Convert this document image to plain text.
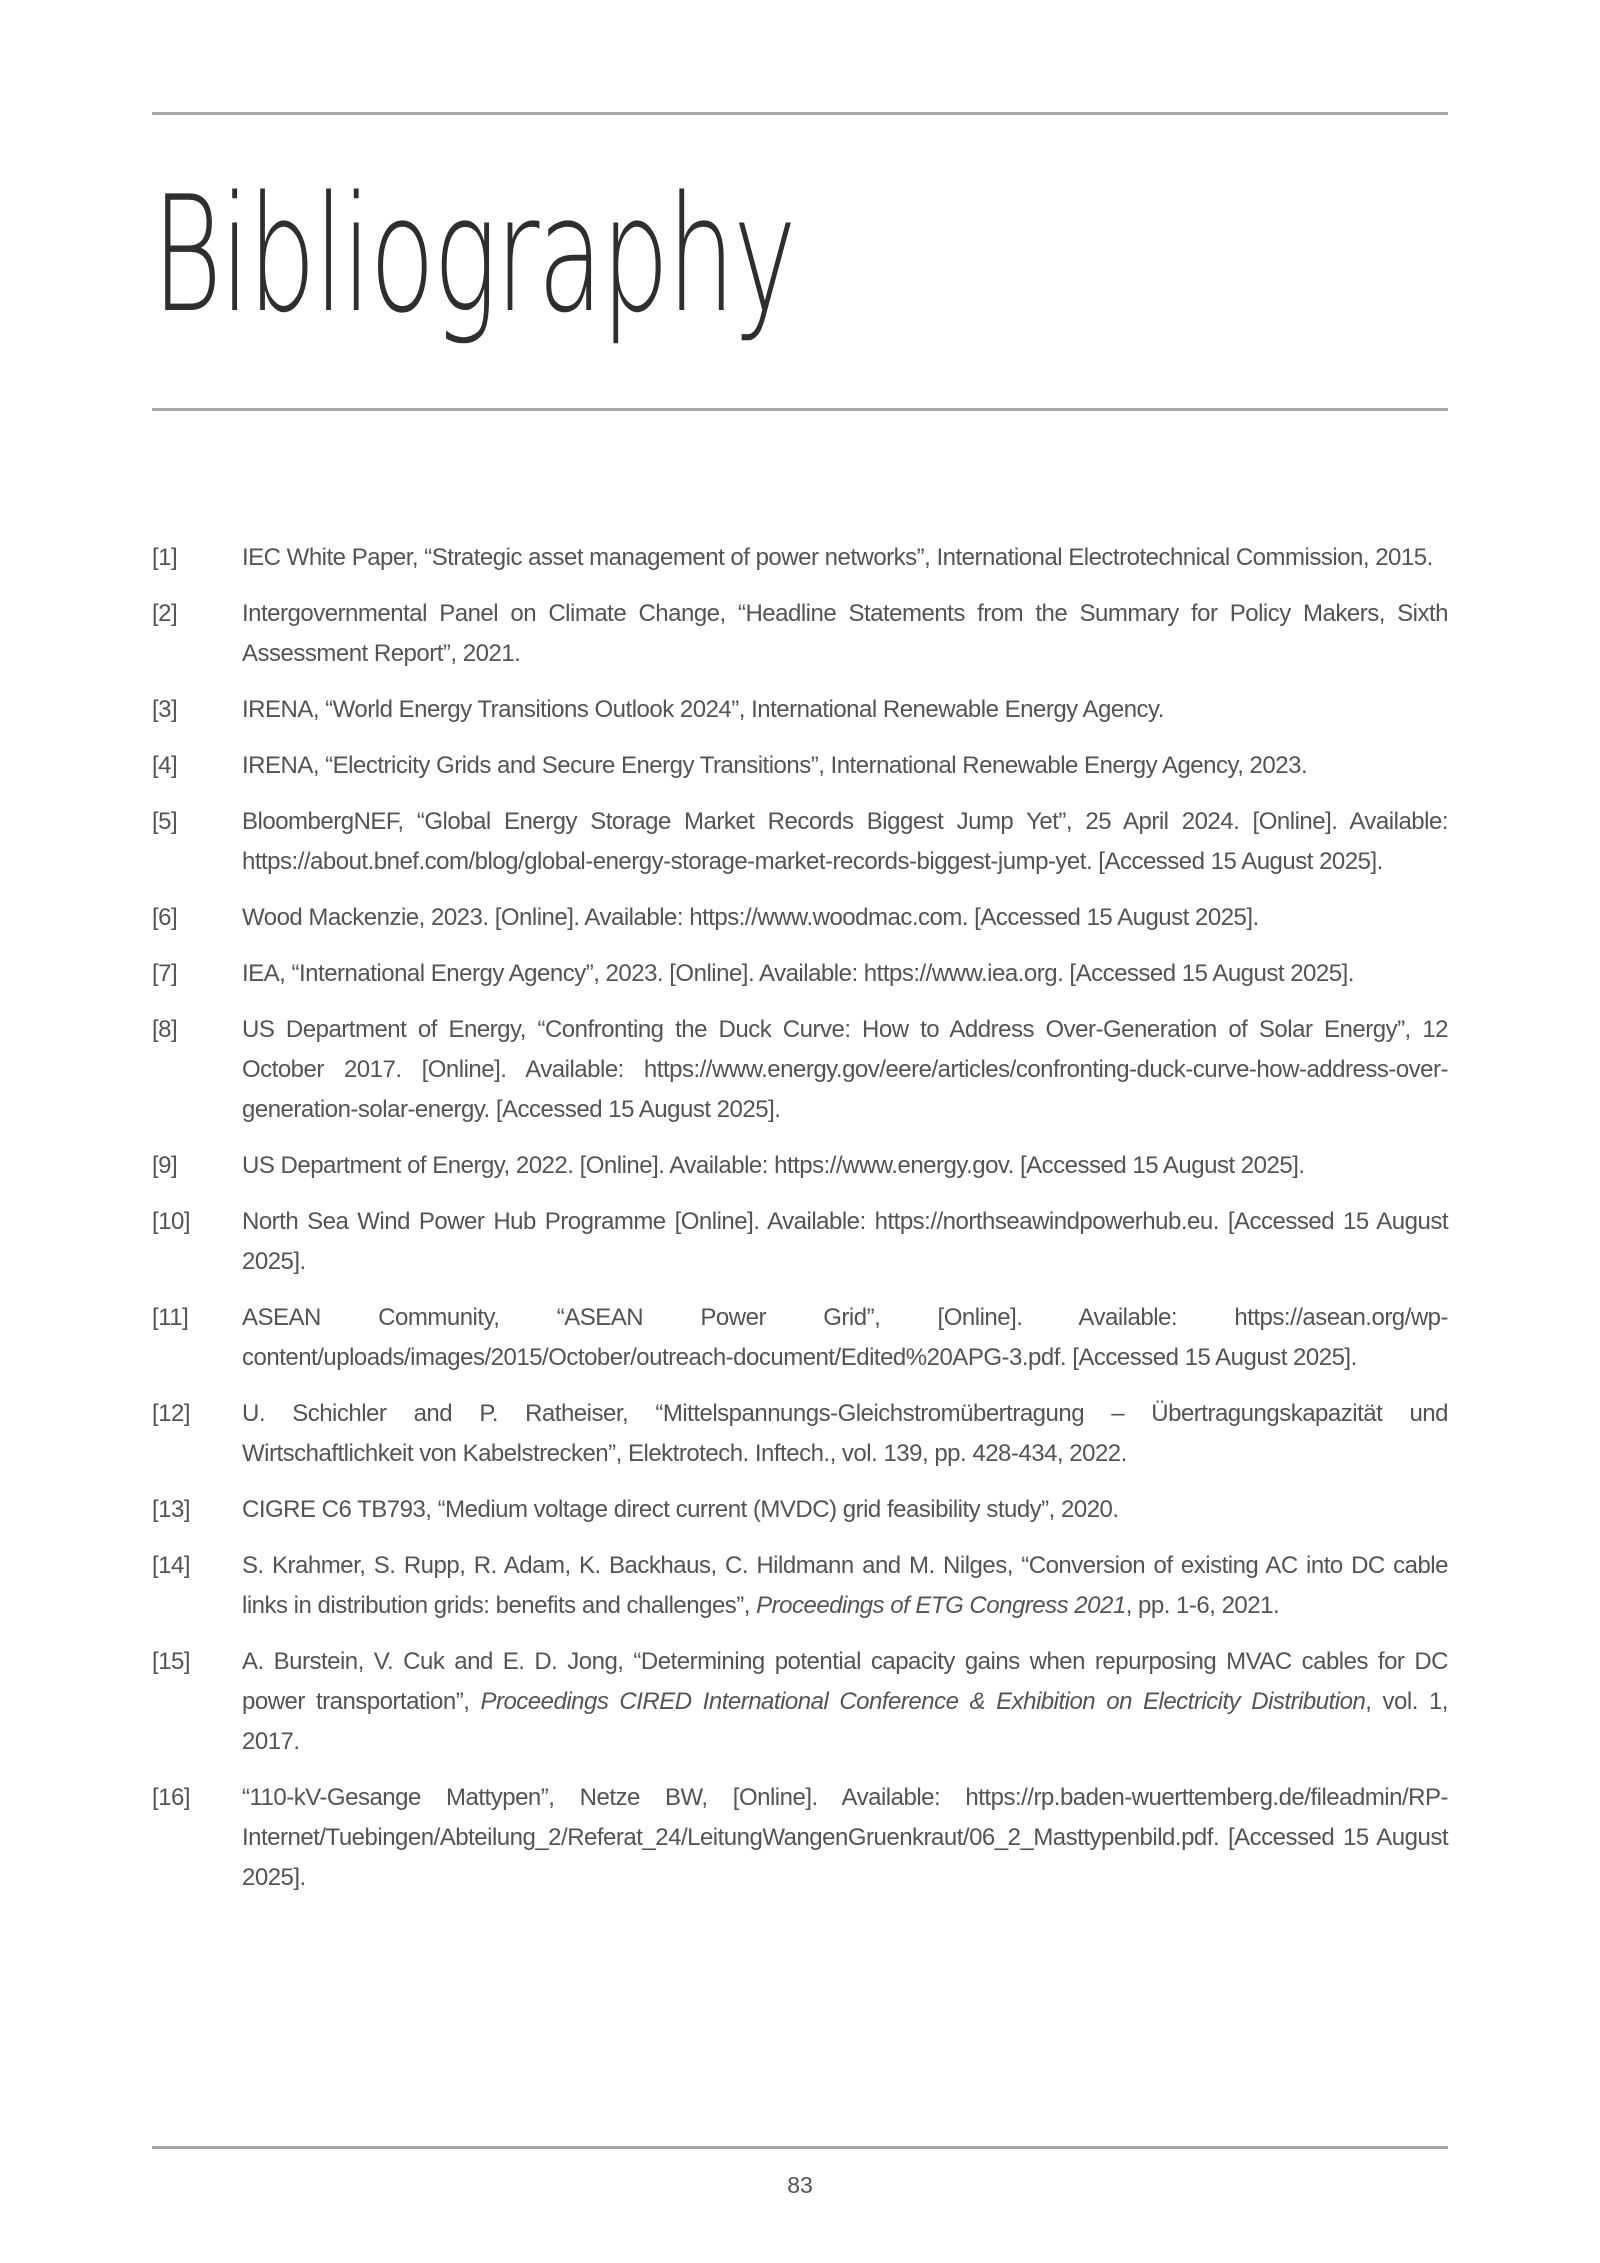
Bibliography
[1]	IEC White Paper, “Strategic asset management of power networks”, International Electrotechnical Commission, 2015.
[2]	Intergovernmental Panel on Climate Change, “Headline Statements from the Summary for Policy Makers, Sixth Assessment Report”, 2021.
[3]	IRENA, “World Energy Transitions Outlook 2024”, International Renewable Energy Agency.
[4]	IRENA, “Electricity Grids and Secure Energy Transitions”, International Renewable Energy Agency, 2023.
[5]	BloombergNEF, “Global Energy Storage Market Records Biggest Jump Yet”, 25 April 2024. [Online]. Available: https://about.bnef.com/blog/global-energy-storage-market-records-biggest-jump-yet. [Accessed 15 August 2025].
[6]	Wood Mackenzie, 2023. [Online]. Available: https://www.woodmac.com. [Accessed 15 August 2025].
[7]	IEA, “International Energy Agency”, 2023. [Online]. Available: https://www.iea.org. [Accessed 15 August 2025].
[8]	US Department of Energy, “Confronting the Duck Curve: How to Address Over-Generation of Solar Energy”, 12 October 2017. [Online]. Available: https://www.energy.gov/eere/articles/confronting-duck-curve-how-address-over-generation-solar-energy. [Accessed 15 August 2025].
[9]	US Department of Energy, 2022. [Online]. Available: https://www.energy.gov. [Accessed 15 August 2025].
[10]	North Sea Wind Power Hub Programme [Online]. Available: https://northseawindpowerhub.eu. [Accessed 15 August 2025].
[11]	ASEAN Community, “ASEAN Power Grid”, [Online]. Available: https://asean.org/wp-content/uploads/images/2015/October/outreach-document/Edited%20APG-3.pdf. [Accessed 15 August 2025].
[12]	U. Schichler and P. Ratheiser, “Mittelspannungs-Gleichstromübertragung – Übertragungskapazität und Wirtschaftlichkeit von Kabelstrecken”, Elektrotech. Inftech., vol. 139, pp. 428-434, 2022.
[13]	CIGRE C6 TB793, “Medium voltage direct current (MVDC) grid feasibility study”, 2020.
[14]	S. Krahmer, S. Rupp, R. Adam, K. Backhaus, C. Hildmann and M. Nilges, “Conversion of existing AC into DC cable links in distribution grids: benefits and challenges”, Proceedings of ETG Congress 2021, pp. 1-6, 2021.
[15]	A. Burstein, V. Cuk and E. D. Jong, “Determining potential capacity gains when repurposing MVAC cables for DC power transportation”, Proceedings CIRED International Conference & Exhibition on Electricity Distribution, vol. 1, 2017.
[16]	“110-kV-Gesange Mattypen”, Netze BW, [Online]. Available: https://rp.baden-wuerttemberg.de/fileadmin/RP-Internet/Tuebingen/Abteilung_2/Referat_24/LeitungWangenGruenkraut/06_2_Masttypenbild.pdf. [Accessed 15 August 2025].
83
